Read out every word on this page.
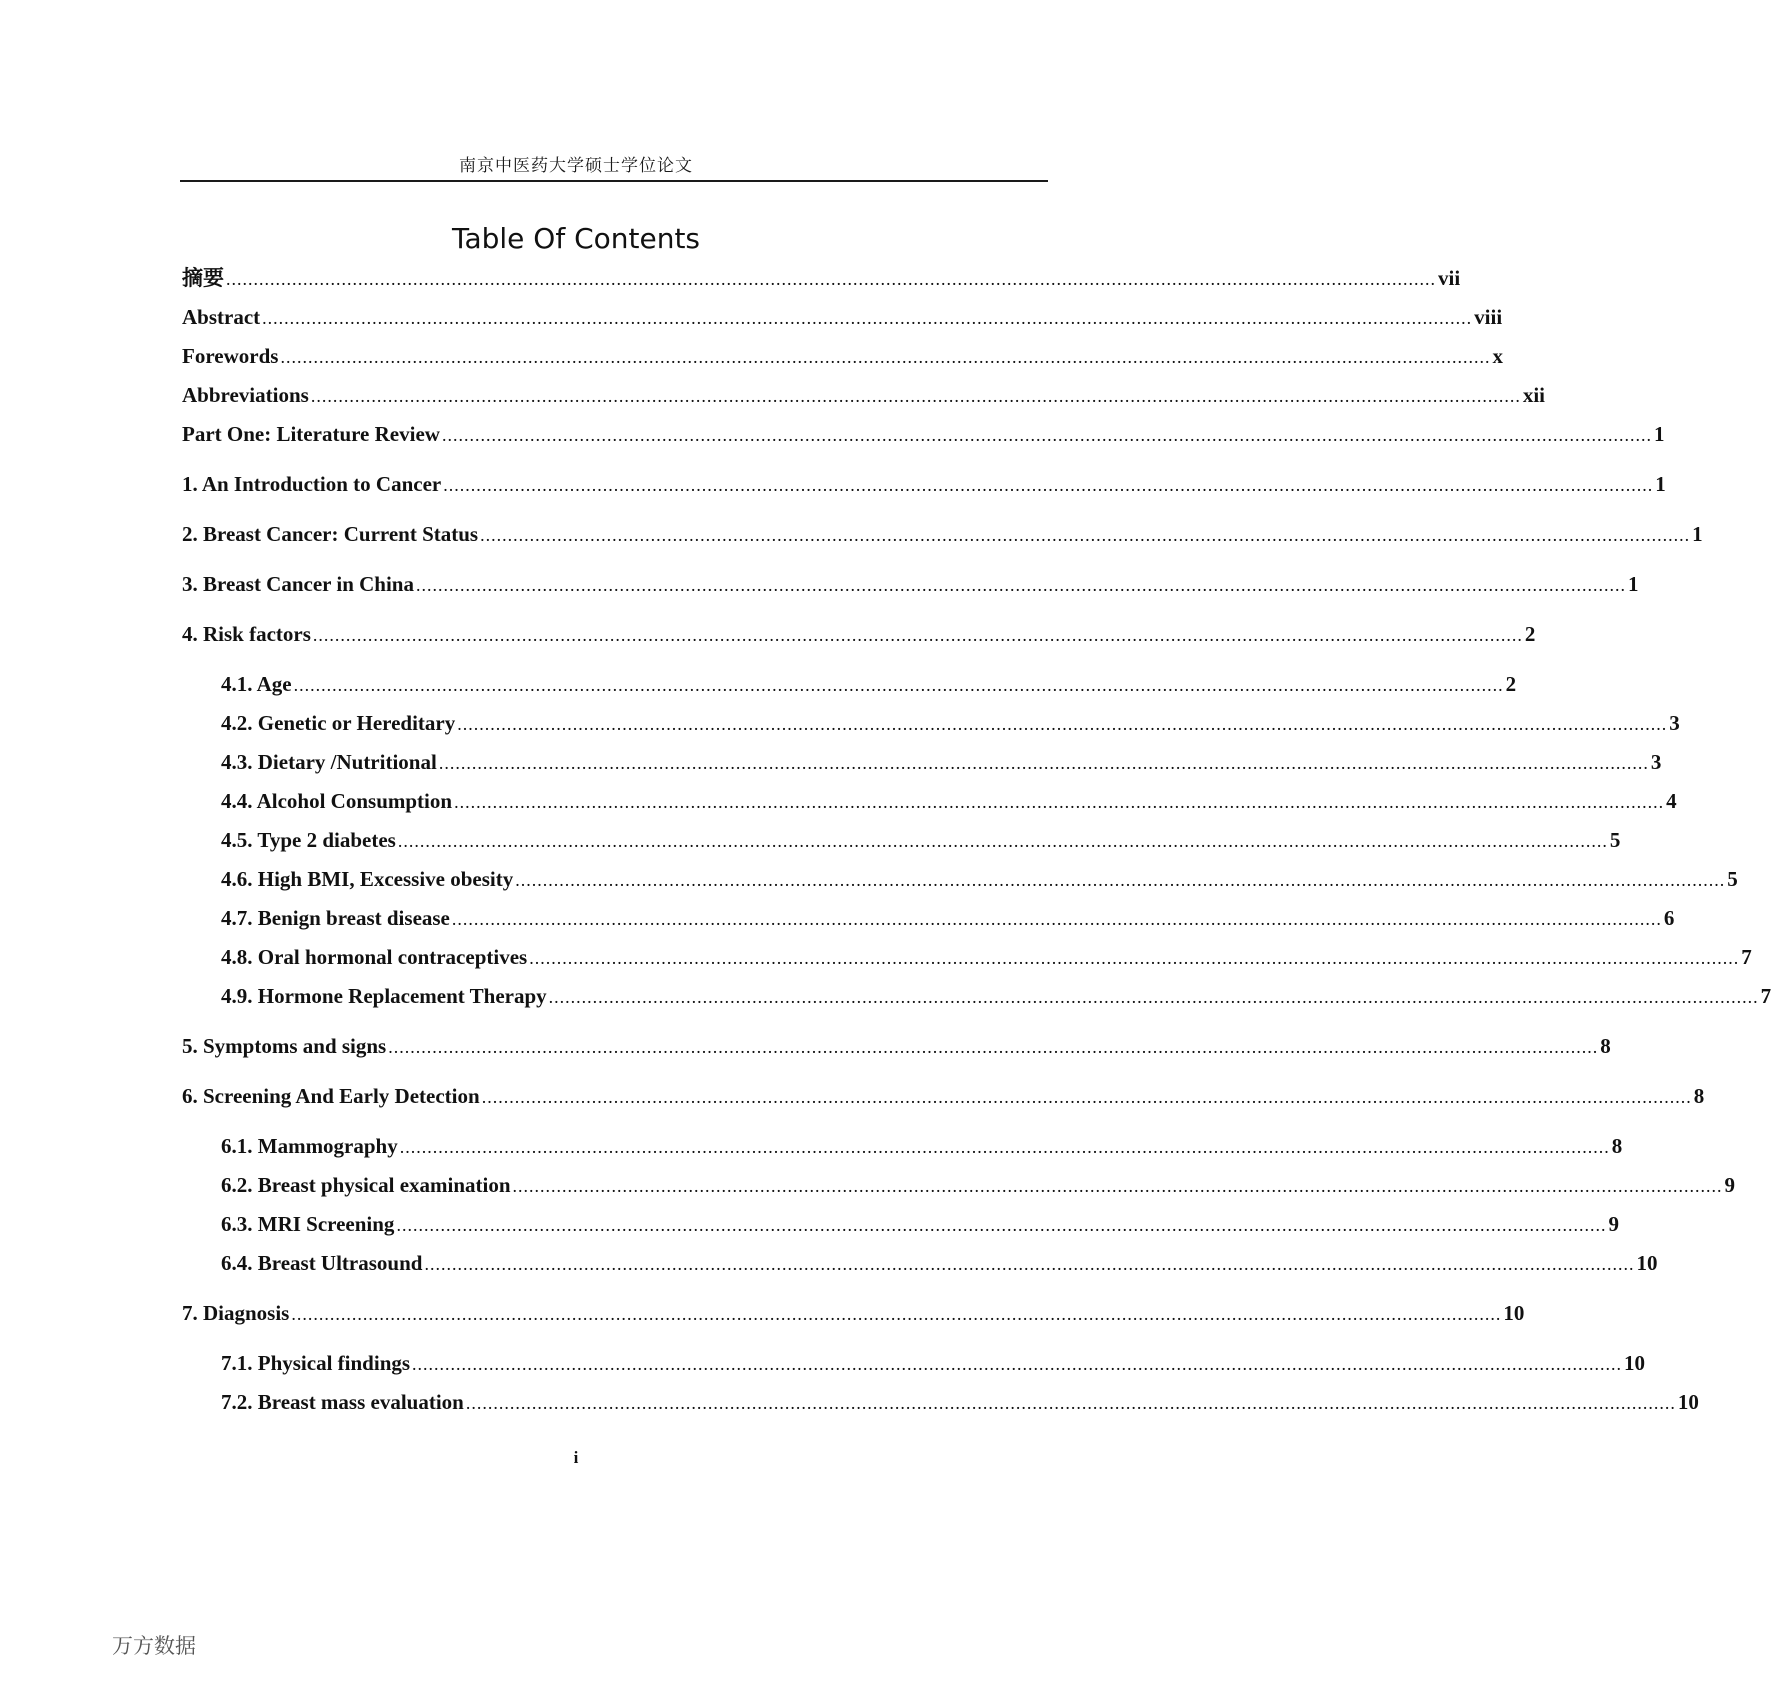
南京中医药大学硕士学位论文
Table Of Contents
摘要 ............................................................................................................................................................................................................................ vii
Abstract ............................................................................................................................................................................................................................ viii
Forewords ............................................................................................................................................................................................................................ x
Abbreviations ............................................................................................................................................................................................................................ xii
Part One: Literature Review ............................................................................................................................................................................................................................ 1
1. An Introduction to Cancer ............................................................................................................................................................................................................................ 1
2. Breast Cancer: Current Status ............................................................................................................................................................................................................................ 1
3. Breast Cancer in China ............................................................................................................................................................................................................................ 1
4. Risk factors ............................................................................................................................................................................................................................ 2
4.1. Age ............................................................................................................................................................................................................................ 2
4.2. Genetic or Hereditary ............................................................................................................................................................................................................................ 3
4.3. Dietary /Nutritional ............................................................................................................................................................................................................................ 3
4.4. Alcohol Consumption ............................................................................................................................................................................................................................ 4
4.5. Type 2 diabetes ............................................................................................................................................................................................................................ 5
4.6. High BMI, Excessive obesity ............................................................................................................................................................................................................................ 5
4.7. Benign breast disease ............................................................................................................................................................................................................................ 6
4.8. Oral hormonal contraceptives ............................................................................................................................................................................................................................ 7
4.9. Hormone Replacement Therapy ............................................................................................................................................................................................................................ 7
5. Symptoms and signs ............................................................................................................................................................................................................................ 8
6. Screening And Early Detection ............................................................................................................................................................................................................................ 8
6.1. Mammography ............................................................................................................................................................................................................................ 8
6.2. Breast physical examination ............................................................................................................................................................................................................................ 9
6.3. MRI Screening ............................................................................................................................................................................................................................ 9
6.4. Breast Ultrasound ............................................................................................................................................................................................................................ 10
7. Diagnosis ............................................................................................................................................................................................................................ 10
7.1. Physical findings ............................................................................................................................................................................................................................ 10
7.2. Breast mass evaluation ............................................................................................................................................................................................................................ 10
i
万方数据
